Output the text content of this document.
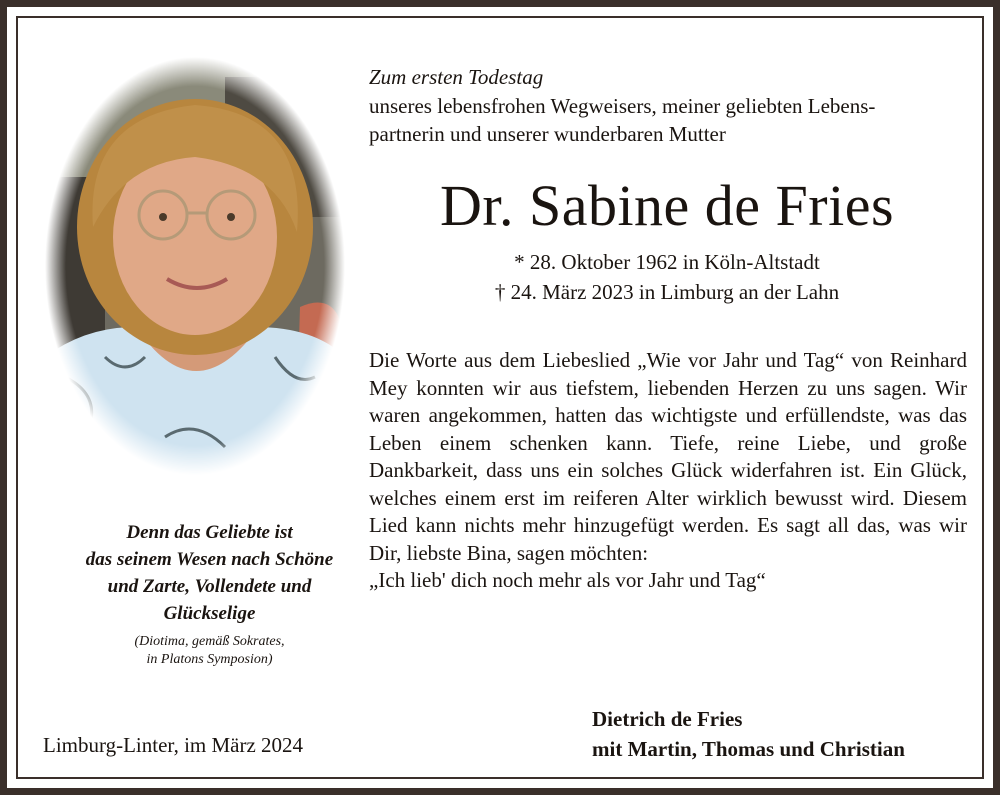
Zum ersten Todestag
unseres lebensfrohen Wegweisers, meiner geliebten Lebens-
partnerin und unserer wunderbaren Mutter
Dr. Sabine de Fries
* 28. Oktober 1962 in Köln-Altstadt
† 24. März 2023 in Limburg an der Lahn
Die Worte aus dem Liebeslied „Wie vor Jahr und Tag“ von Reinhard Mey konnten wir aus tiefstem, liebenden Herzen zu uns sagen. Wir waren angekommen, hatten das wichtigste und erfüllendste, was das Leben einem schenken kann. Tiefe, reine Liebe, und große Dankbarkeit, dass uns ein solches Glück widerfahren ist. Ein Glück, welches einem erst im reiferen Alter wirklich bewusst wird. Diesem Lied kann nichts mehr hinzugefügt werden. Es sagt all das, was wir Dir, liebste Bina, sagen möchten:
„Ich lieb' dich noch mehr als vor Jahr und Tag“
Denn das Geliebte ist
das seinem Wesen nach Schöne
und Zarte, Vollendete und
Glückselige
(Diotima, gemäß Sokrates,
in Platons Symposion)
Limburg-Linter, im März 2024
Dietrich de Fries
mit Martin, Thomas und Christian
